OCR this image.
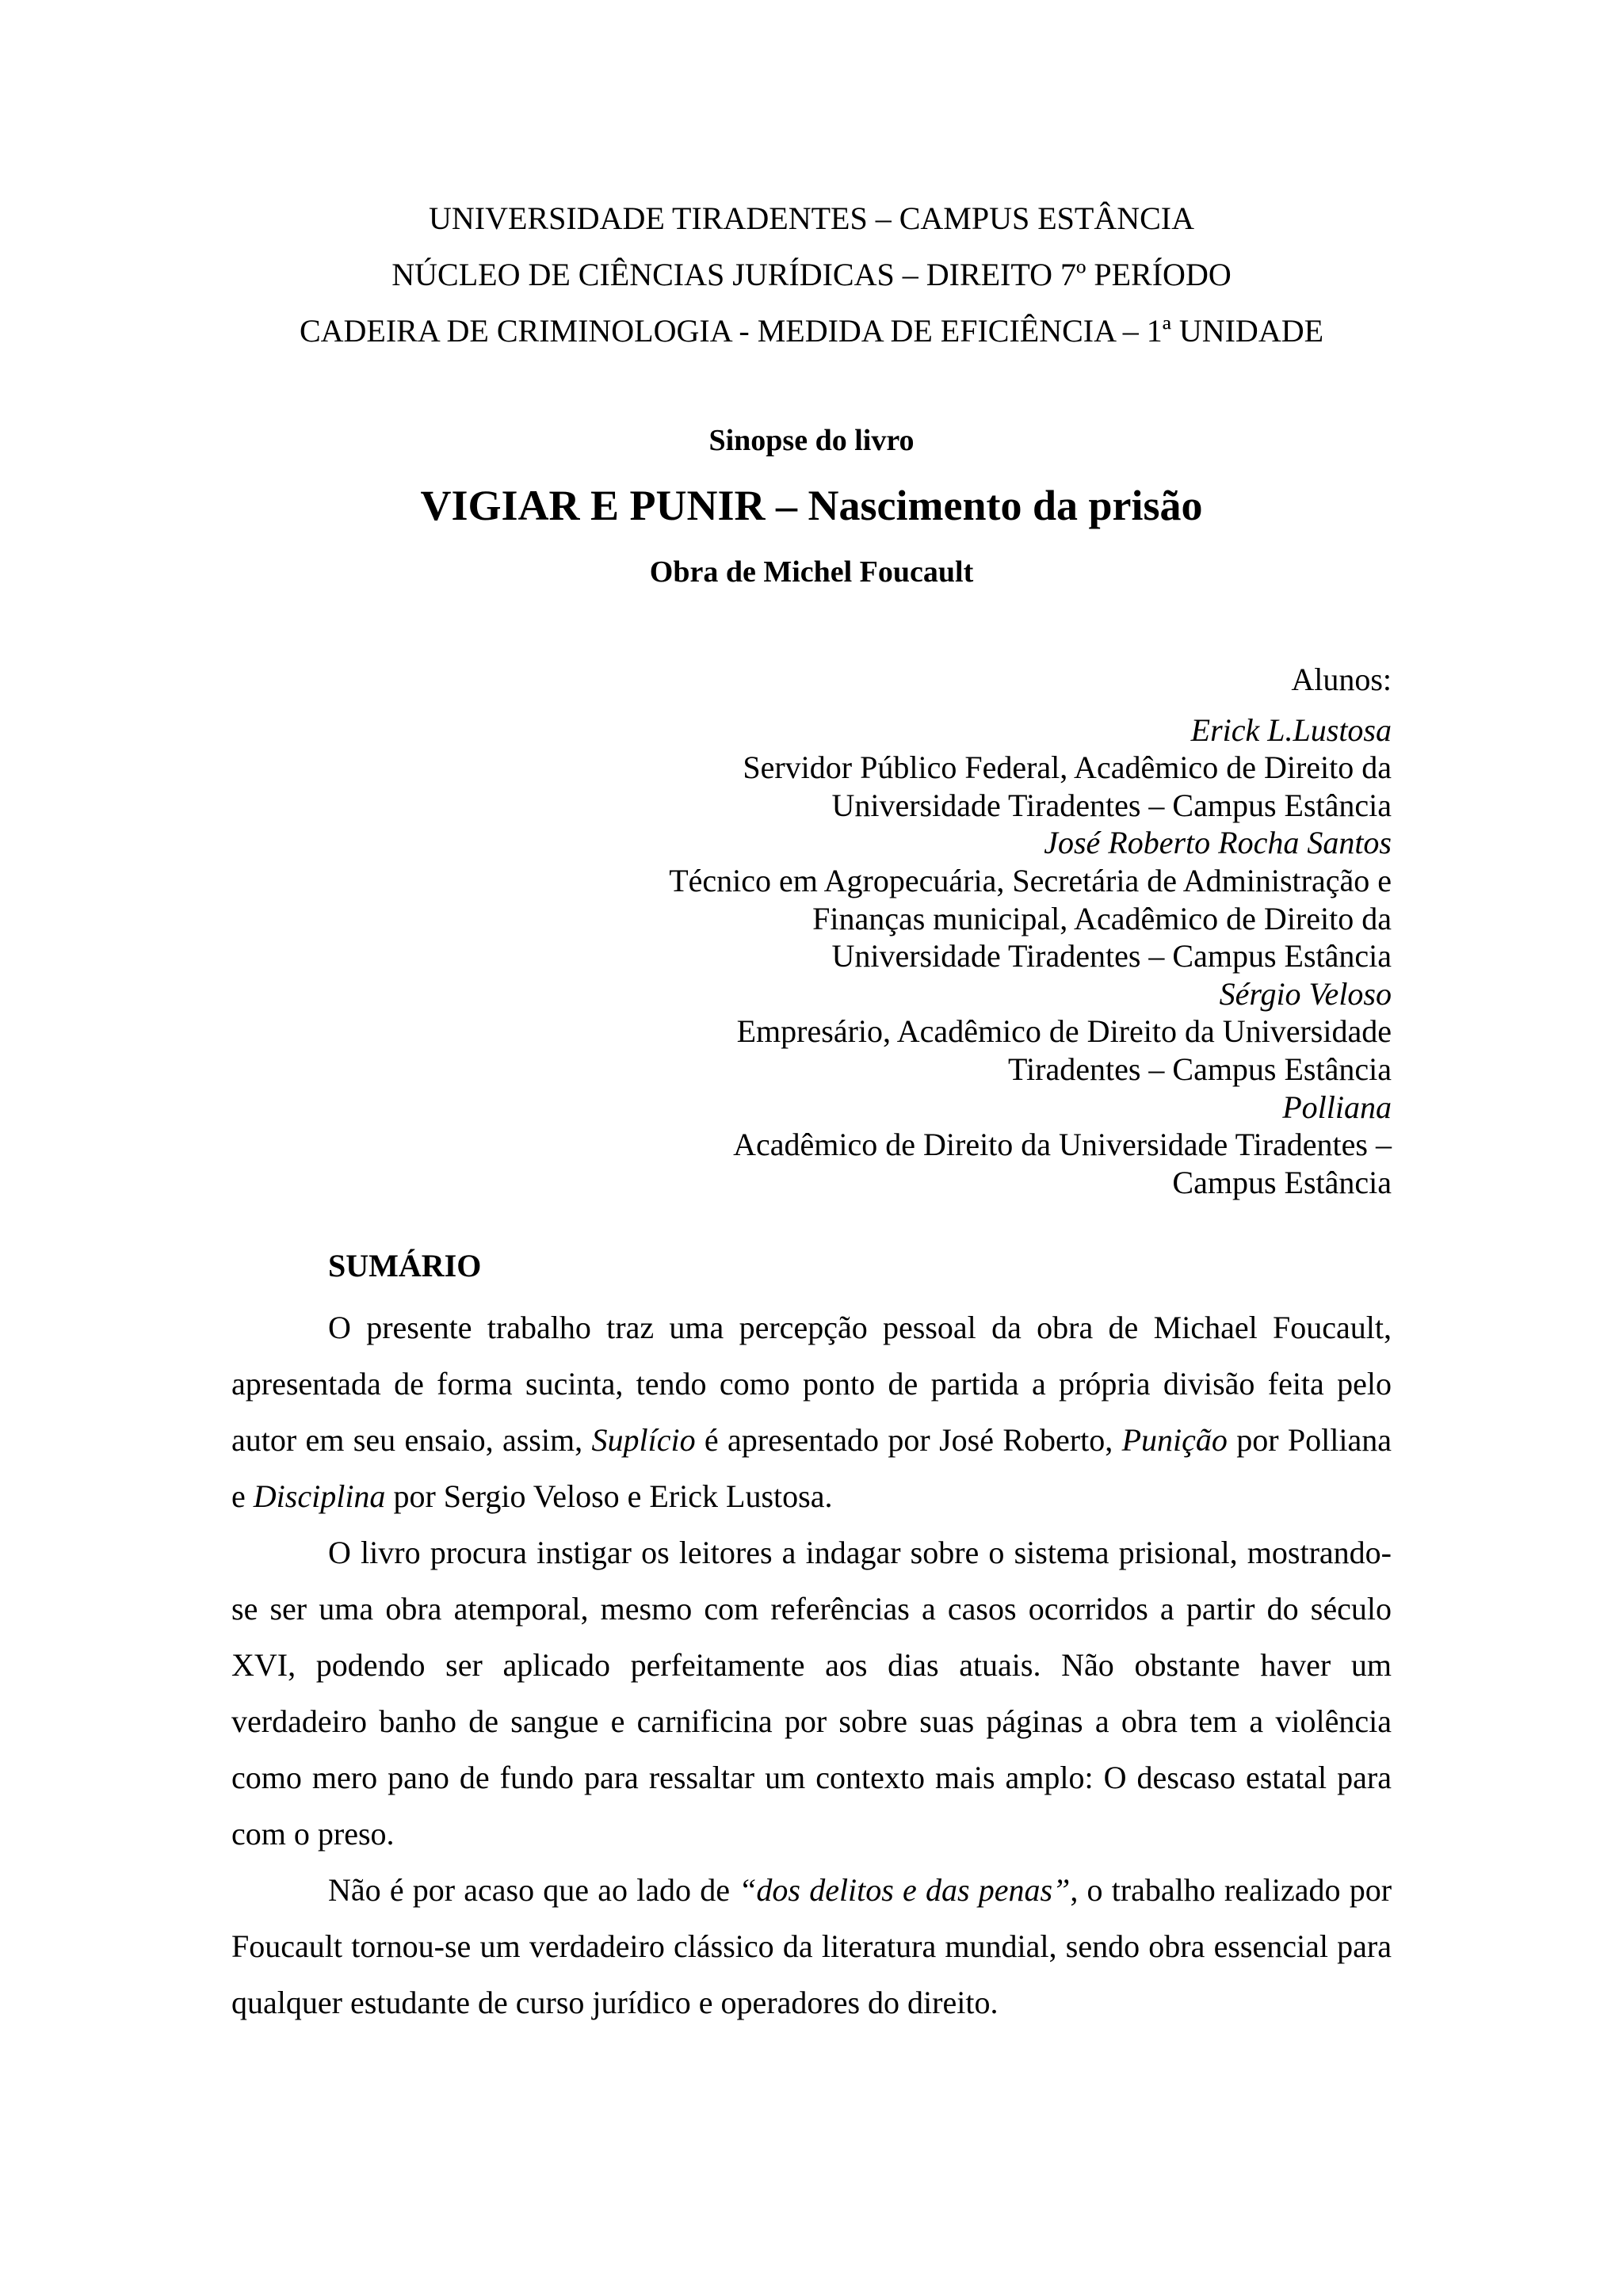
UNIVERSIDADE TIRADENTES – CAMPUS ESTÂNCIA
NÚCLEO DE CIÊNCIAS JURÍDICAS – DIREITO 7º PERÍODO
CADEIRA DE CRIMINOLOGIA - MEDIDA DE EFICIÊNCIA – 1ª UNIDADE
Sinopse do livro
VIGIAR E PUNIR – Nascimento da prisão
Obra de Michel Foucault
Alunos:
Erick L.Lustosa
Servidor Público Federal, Acadêmico de Direito da
Universidade Tiradentes – Campus Estância
José Roberto Rocha Santos
Técnico em Agropecuária, Secretária de Administração e
Finanças municipal, Acadêmico de Direito da
Universidade Tiradentes – Campus Estância
Sérgio Veloso
Empresário, Acadêmico de Direito da Universidade
Tiradentes – Campus Estância
Polliana
Acadêmico de Direito da Universidade Tiradentes –
Campus Estância
SUMÁRIO

O presente trabalho traz uma percepção pessoal da obra de Michael Foucault, apresentada de forma sucinta, tendo como ponto de partida a própria divisão feita pelo autor em seu ensaio, assim, Suplício é apresentado por José Roberto, Punição por Polliana e Disciplina por Sergio Veloso e Erick Lustosa.

O livro procura instigar os leitores a indagar sobre o sistema prisional, mostrando-se ser uma obra atemporal, mesmo com referências a casos ocorridos a partir do século XVI, podendo ser aplicado perfeitamente aos dias atuais. Não obstante haver um verdadeiro banho de sangue e carnificina por sobre suas páginas a obra tem a violência como mero pano de fundo para ressaltar um contexto mais amplo: O descaso estatal para com o preso.

Não é por acaso que ao lado de “dos delitos e das penas”, o trabalho realizado por Foucault tornou-se um verdadeiro clássico da literatura mundial, sendo obra essencial para qualquer estudante de curso jurídico e operadores do direito.
